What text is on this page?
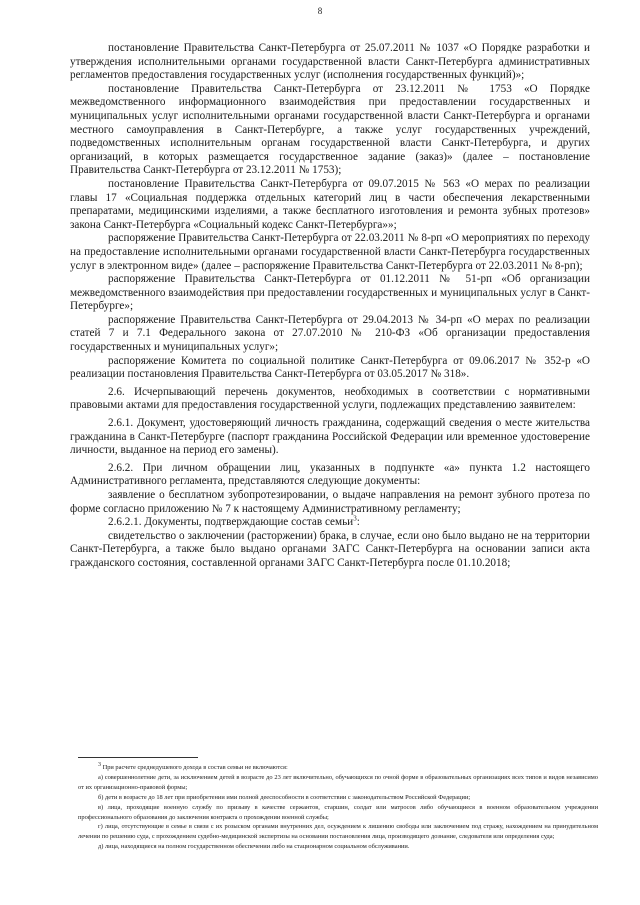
8

постановление Правительства Санкт-Петербурга от 25.07.2011 № 1037 «О Порядке разработки и утверждения исполнительными органами государственной власти Санкт-Петербурга административных регламентов предоставления государственных услуг (исполнения государственных функций)»;

постановление Правительства Санкт-Петербурга от 23.12.2011 № 1753 «О Порядке межведомственного информационного взаимодействия при предоставлении государственных и муниципальных услуг исполнительными органами государственной власти Санкт-Петербурга и органами местного самоуправления в Санкт-Петербурге, а также услуг государственных учреждений, подведомственных исполнительным органам государственной власти Санкт-Петербурга, и других организаций, в которых размещается государственное задание (заказ)» (далее – постановление Правительства Санкт-Петербурга от 23.12.2011 № 1753);

постановление Правительства Санкт-Петербурга от 09.07.2015 № 563 «О мерах по реализации главы 17 «Социальная поддержка отдельных категорий лиц в части обеспечения лекарственными препаратами, медицинскими изделиями, а также бесплатного изготовления и ремонта зубных протезов» закона Санкт-Петербурга «Социальный кодекс Санкт-Петербурга»»;

распоряжение Правительства Санкт-Петербурга от 22.03.2011 № 8-рп «О мероприятиях по переходу на предоставление исполнительными органами государственной власти Санкт-Петербурга государственных услуг в электронном виде» (далее – распоряжение Правительства Санкт-Петербурга от 22.03.2011 № 8-рп);

распоряжение Правительства Санкт-Петербурга от 01.12.2011 № 51-рп «Об организации межведомственного взаимодействия при предоставлении государственных и муниципальных услуг в Санкт-Петербурге»;

распоряжение Правительства Санкт-Петербурга от 29.04.2013 № 34-рп «О мерах по реализации статей 7 и 7.1 Федерального закона от 27.07.2010 № 210-ФЗ «Об организации предоставления государственных и муниципальных услуг»;

распоряжение Комитета по социальной политике Санкт-Петербурга от 09.06.2017 № 352-р «О реализации постановления Правительства Санкт-Петербурга от 03.05.2017 № 318».

2.6. Исчерпывающий перечень документов, необходимых в соответствии с нормативными правовыми актами для предоставления государственной услуги, подлежащих представлению заявителем:

2.6.1. Документ, удостоверяющий личность гражданина, содержащий сведения о месте жительства гражданина в Санкт-Петербурге (паспорт гражданина Российской Федерации или временное удостоверение личности, выданное на период его замены).

2.6.2. При личном обращении лиц, указанных в подпункте «а» пункта 1.2 настоящего Административного регламента, представляются следующие документы:

заявление о бесплатном зубопротезировании, о выдаче направления на ремонт зубного протеза по форме согласно приложению № 7 к настоящему Административному регламенту;

2.6.2.1. Документы, подтверждающие состав семьи$^3$:

свидетельство о заключении (расторжении) брака, в случае, если оно было выдано не на территории Санкт-Петербурга, а также было выдано органами ЗАГС Санкт-Петербурга на основании записи акта гражданского состояния, составленной органами ЗАГС Санкт-Петербурга после 01.10.2018;

$^3$ При расчете среднедушевого дохода в состав семьи не включаются:

а) совершеннолетние дети, за исключением детей в возрасте до 23 лет включительно, обучающихся по очной форме в образовательных организациях всех типов и видов независимо от их организационно-правовой формы;

б) дети в возрасте до 18 лет при приобретении ими полной дееспособности в соответствии с законодательством Российской Федерации;

в) лица, проходящие военную службу по призыву в качестве сержантов, старшин, солдат или матросов либо обучающиеся в военном образовательном учреждении профессионального образования до заключения контракта о прохождении военной службы;

г) лица, отсутствующие в семье в связи с их розыском органами внутренних дел, осуждением к лишению свободы или заключением под стражу, нахождением на принудительном лечении по решению суда, с прохождением судебно-медицинской экспертизы на основании постановления лица, производящего дознание, следователя или определения суда;

д) лица, находящиеся на полном государственном обеспечении либо на стационарном социальном обслуживании.
